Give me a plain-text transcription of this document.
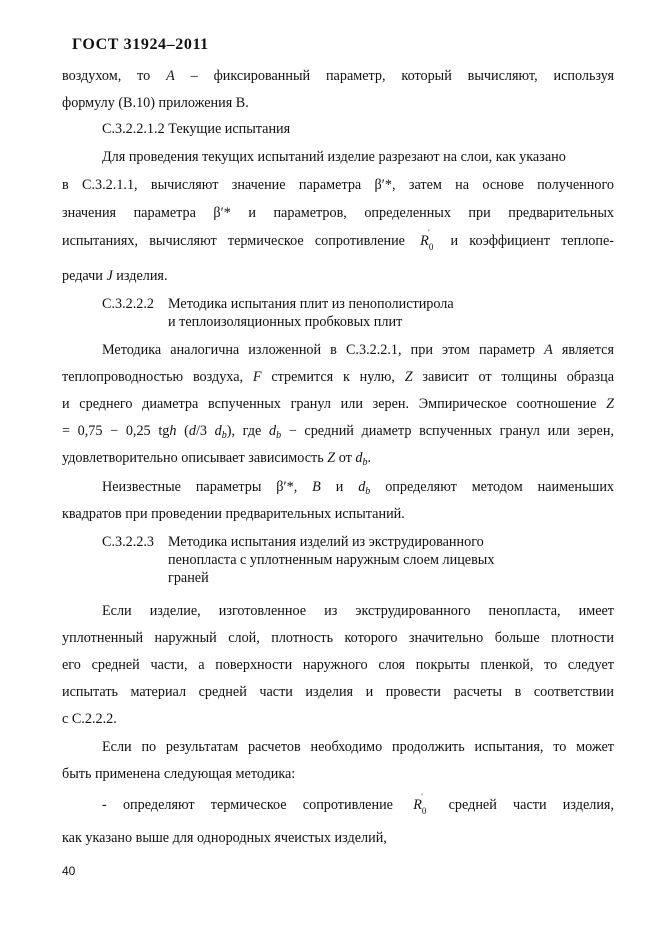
ГОСТ 31924–2011
воздухом, то A – фиксированный параметр, который вычисляют, используя
формулу (В.10) приложения В.
С.3.2.2.1.2 Текущие испытания
Для проведения текущих испытаний изделие разрезают на слои, как указано
в С.3.2.1.1, вычисляют значение параметра β′*, затем на основе полученного
значения параметра β′* и параметров, определенных при предварительных
испытаниях, вычисляют термическое сопротивление $R_0$
'
и коэффициент теплопе-
редачи J изделия.
С.3.2.2.2 Методика испытания плит из пенополистирола
и теплоизоляционных пробковых плит
Методика аналогична изложенной в С.3.2.2.1, при этом параметр A является
теплопроводностью воздуха, F стремится к нулю, Z зависит от толщины образца
и среднего диаметра вспученных гранул или зерен. Эмпирическое соотношение Z
= 0,75 − 0,25 tgh (d/3 $d_b$), где $d_b$ − средний диаметр вспученных гранул или зерен,
удовлетворительно описывает зависимость Z от $d_b$.
Неизвестные параметры β′*, B и $d_b$ определяют методом наименьших
квадратов при проведении предварительных испытаний.
С.3.2.2.3 Методика испытания изделий из экструдированного
пенопласта с уплотненным наружным слоем лицевых
граней
Если изделие, изготовленное из экструдированного пенопласта, имеет
уплотненный наружный слой, плотность которого значительно больше плотности
его средней части, а поверхности наружного слоя покрыты пленкой, то следует
испытать материал средней части изделия и провести расчеты в соответствии
с С.2.2.2.
Если по результатам расчетов необходимо продолжить испытания, то может
быть применена следующая методика:
- определяют термическое сопротивление $R_0$
'
средней части изделия,
как указано выше для однородных ячеистых изделий,
40
